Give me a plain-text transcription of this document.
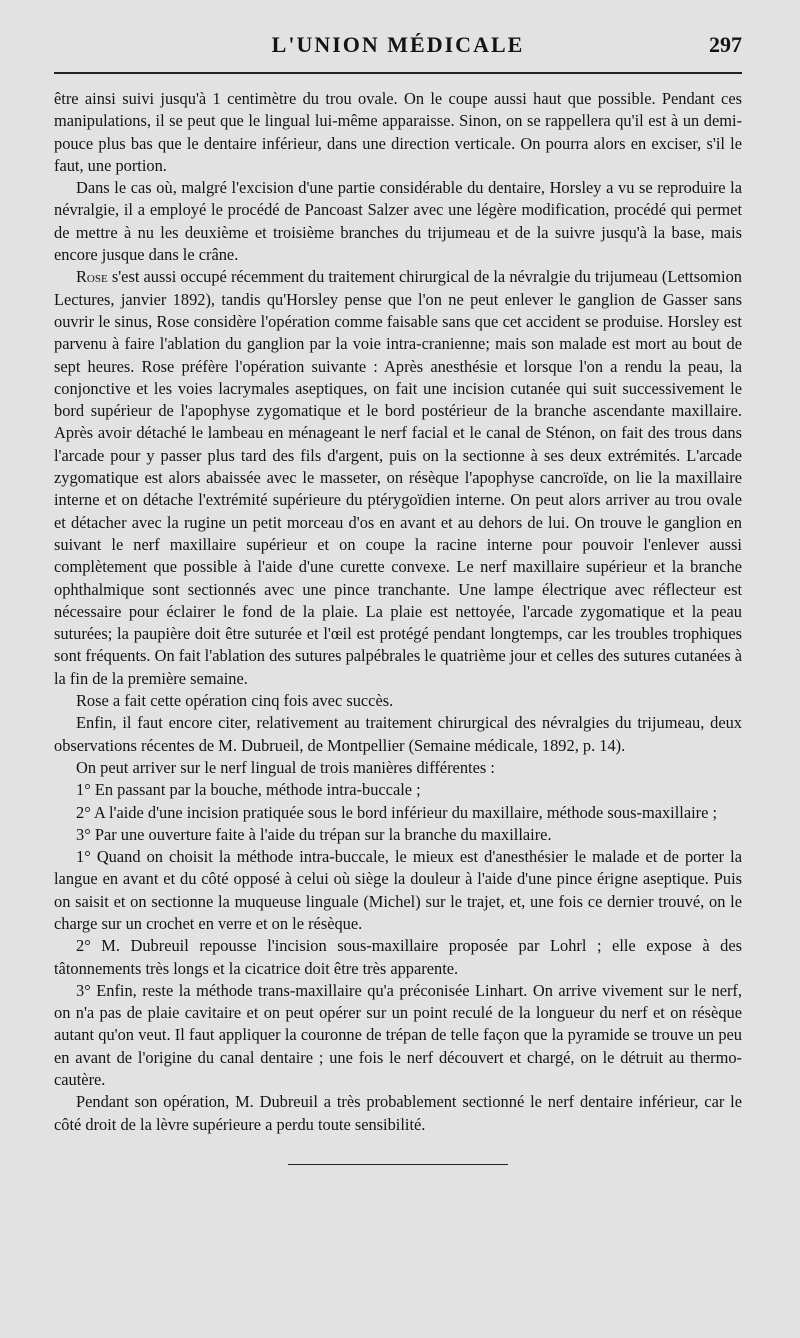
L'UNION MÉDICALE	297

être ainsi suivi jusqu'à 1 centimètre du trou ovale. On le coupe aussi haut que possible. Pendant ces manipulations, il se peut que le lingual lui-même apparaisse. Sinon, on se rappellera qu'il est à un demi-pouce plus bas que le dentaire inférieur, dans une direction verticale. On pourra alors en exciser, s'il le faut, une portion.

Dans le cas où, malgré l'excision d'une partie considérable du dentaire, Horsley a vu se reproduire la névralgie, il a employé le procédé de Pancoast Salzer avec une légère modification, procédé qui permet de mettre à nu les deuxième et troisième branches du trijumeau et de la suivre jusqu'à la base, mais encore jusque dans le crâne.

Rose s'est aussi occupé récemment du traitement chirurgical de la névralgie du trijumeau (Lettsomion Lectures, janvier 1892), tandis qu'Horsley pense que l'on ne peut enlever le ganglion de Gasser sans ouvrir le sinus, Rose considère l'opération comme faisable sans que cet accident se produise. Horsley est parvenu à faire l'ablation du ganglion par la voie intra-cranienne; mais son malade est mort au bout de sept heures. Rose préfère l'opération suivante : Après anesthésie et lorsque l'on a rendu la peau, la conjonctive et les voies lacrymales aseptiques, on fait une incision cutanée qui suit successivement le bord supérieur de l'apophyse zygomatique et le bord postérieur de la branche ascendante maxillaire. Après avoir détaché le lambeau en ménageant le nerf facial et le canal de Sténon, on fait des trous dans l'arcade pour y passer plus tard des fils d'argent, puis on la sectionne à ses deux extrémités. L'arcade zygomatique est alors abaissée avec le masseter, on résèque l'apophyse cancroïde, on lie la maxillaire interne et on détache l'extrémité supérieure du ptérygoïdien interne. On peut alors arriver au trou ovale et détacher avec la rugine un petit morceau d'os en avant et au dehors de lui. On trouve le ganglion en suivant le nerf maxillaire supérieur et on coupe la racine interne pour pouvoir l'enlever aussi complètement que possible à l'aide d'une curette convexe. Le nerf maxillaire supérieur et la branche ophthalmique sont sectionnés avec une pince tranchante. Une lampe électrique avec réflecteur est nécessaire pour éclairer le fond de la plaie. La plaie est nettoyée, l'arcade zygomatique et la peau suturées; la paupière doit être suturée et l'œil est protégé pendant longtemps, car les troubles trophiques sont fréquents. On fait l'ablation des sutures palpébrales le quatrième jour et celles des sutures cutanées à la fin de la première semaine.

Rose a fait cette opération cinq fois avec succès.

Enfin, il faut encore citer, relativement au traitement chirurgical des névralgies du trijumeau, deux observations récentes de M. Dubrueil, de Montpellier (Semaine médicale, 1892, p. 14).

On peut arriver sur le nerf lingual de trois manières différentes :

1° En passant par la bouche, méthode intra-buccale ;

2° A l'aide d'une incision pratiquée sous le bord inférieur du maxillaire, méthode sous-maxillaire ;

3° Par une ouverture faite à l'aide du trépan sur la branche du maxillaire.

1° Quand on choisit la méthode intra-buccale, le mieux est d'anesthésier le malade et de porter la langue en avant et du côté opposé à celui où siège la douleur à l'aide d'une pince érigne aseptique. Puis on saisit et on sectionne la muqueuse linguale (Michel) sur le trajet, et, une fois ce dernier trouvé, on le charge sur un crochet en verre et on le résèque.

2° M. Dubreuil repousse l'incision sous-maxillaire proposée par Lohrl ; elle expose à des tâtonnements très longs et la cicatrice doit être très apparente.

3° Enfin, reste la méthode trans-maxillaire qu'a préconisée Linhart. On arrive vivement sur le nerf, on n'a pas de plaie cavitaire et on peut opérer sur un point reculé de la longueur du nerf et on résèque autant qu'on veut. Il faut appliquer la couronne de trépan de telle façon que la pyramide se trouve un peu en avant de l'origine du canal dentaire ; une fois le nerf découvert et chargé, on le détruit au thermo-cautère.

Pendant son opération, M. Dubreuil a très probablement sectionné le nerf dentaire inférieur, car le côté droit de la lèvre supérieure a perdu toute sensibilité.
